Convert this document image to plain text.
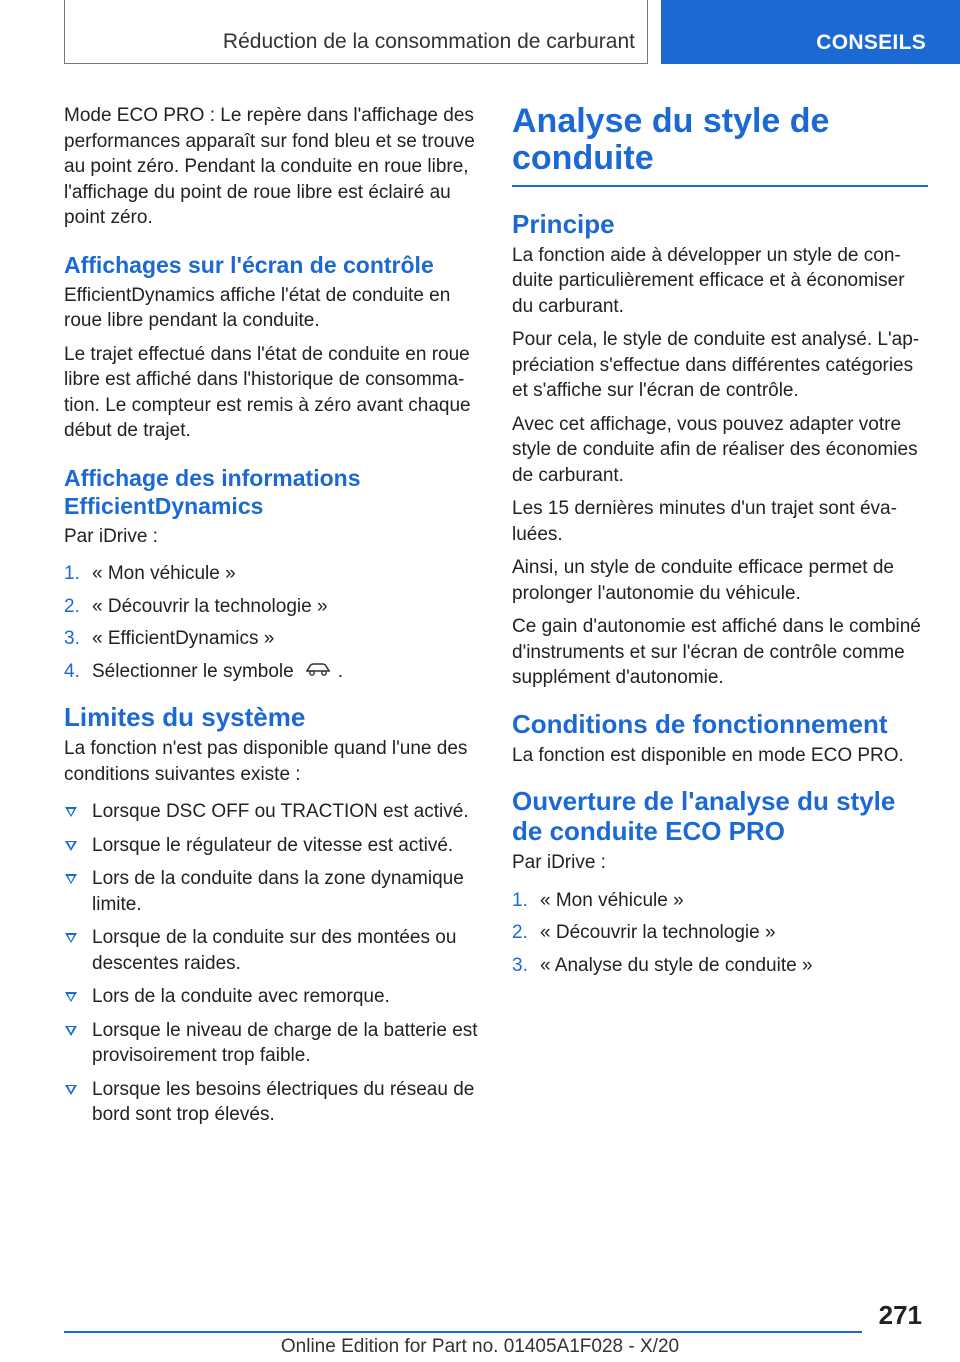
Réduction de la consommation de carburant	CONSEILS

Mode ECO PRO : Le repère dans l'affichage des performances apparaît sur fond bleu et se trouve au point zéro. Pendant la conduite en roue libre, l'affichage du point de roue libre est éclairé au point zéro.

Affichages sur l'écran de contrôle

EfficientDynamics affiche l'état de conduite en roue libre pendant la conduite.

Le trajet effectué dans l'état de conduite en roue libre est affiché dans l'historique de consomma‐ tion. Le compteur est remis à zéro avant chaque début de trajet.

Affichage des informations EfficientDynamics

Par iDrive :

1. « Mon véhicule »
2. « Découvrir la technologie »
3. « EfficientDynamics »
4. Sélectionner le symbole .
Limites du système

La fonction n'est pas disponible quand l'une des conditions suivantes existe :

Lorsque DSC OFF ou TRACTION est activé.
Lorsque le régulateur de vitesse est activé.
Lors de la conduite dans la zone dynamique limite.
Lorsque de la conduite sur des montées ou descentes raides.
Lors de la conduite avec remorque.
Lorsque le niveau de charge de la batterie est provisoirement trop faible.
Lorsque les besoins électriques du réseau de bord sont trop élevés.
Analyse du style de conduite
Principe

La fonction aide à développer un style de con‐ duite particulièrement efficace et à économiser du carburant.

Pour cela, le style de conduite est analysé. L'ap‐ préciation s'effectue dans différentes catégories et s'affiche sur l'écran de contrôle.

Avec cet affichage, vous pouvez adapter votre style de conduite afin de réaliser des économies de carburant.

Les 15 dernières minutes d'un trajet sont éva‐ luées.

Ainsi, un style de conduite efficace permet de prolonger l'autonomie du véhicule.

Ce gain d'autonomie est affiché dans le combiné d'instruments et sur l'écran de contrôle comme supplément d'autonomie.

Conditions de fonctionnement

La fonction est disponible en mode ECO PRO.

Ouverture de l'analyse du style de conduite ECO PRO

Par iDrive :

1. « Mon véhicule »
2. « Découvrir la technologie »
3. « Analyse du style de conduite »
271
Online Edition for Part no. 01405A1F028 - X/20
